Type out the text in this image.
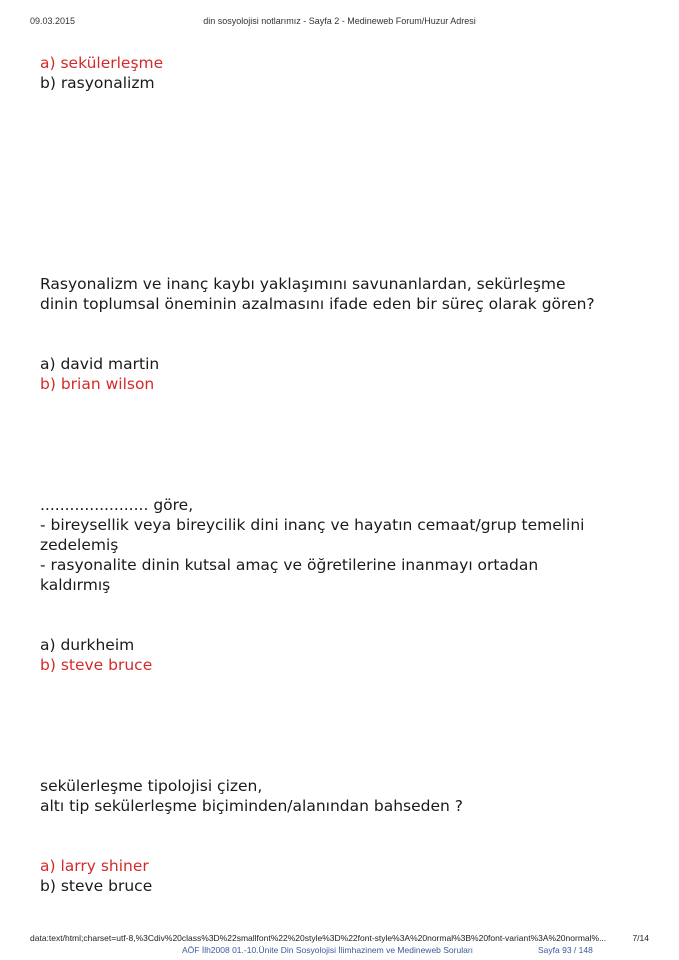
09.03.2015	din sosyolojisi notlarımız - Sayfa 2 - Medineweb Forum/Huzur Adresi
a) sekülerleşme
b) rasyonalizm
Rasyonalizm ve inanç kaybı yaklaşımını savunanlardan, sekürleşme
dinin toplumsal öneminin azalmasını ifade eden bir süreç olarak gören?
a) david martin
b) brian wilson
...................... göre,
- bireysellik veya bireycilik dini inanç ve hayatın cemaat/grup temelini
zedelemiş
- rasyonalite dinin kutsal amaç ve öğretilerine inanmayı ortadan
kaldırmış
a) durkheim
b) steve bruce
sekülerleşme tipolojisi çizen,
altı tip sekülerleşme biçiminden/alanından bahseden ?
a) larry shiner
b) steve bruce
data:text/html;charset=utf-8,%3Cdiv%20class%3D%22smallfont%22%20style%3D%22font-style%3A%20normal%3B%20font-variant%3A%20normal%...	7/14
AÖF İlh2008 01.-10.Ünite Din Sosyolojisi İlimhazinem ve Medineweb Soruları	Sayfa 93 / 148
